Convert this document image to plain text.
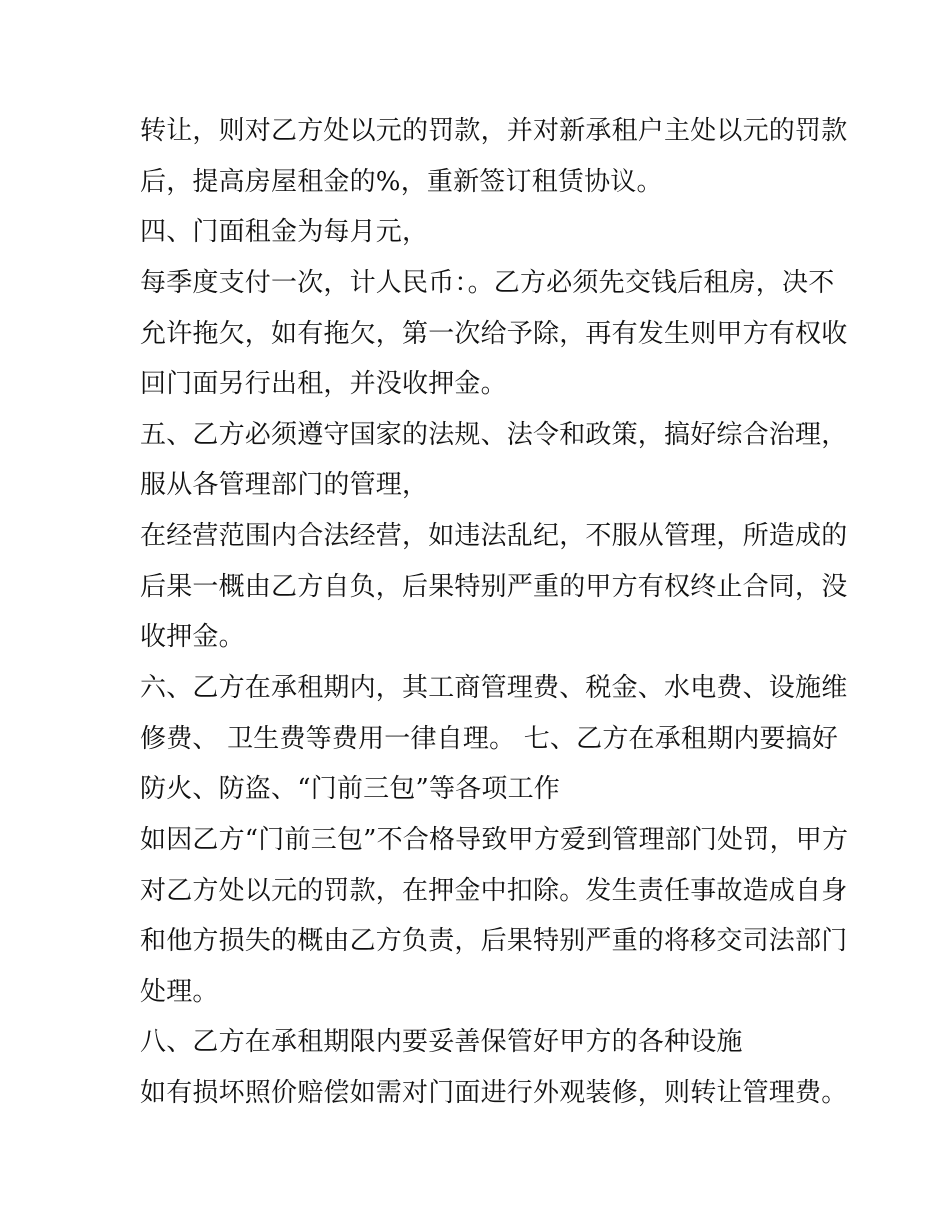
转让，则对乙方处以元的罚款，并对新承租户主处以元的罚款
后，提高房屋租金的%，重新签订租赁协议。
四、门面租金为每月元，
每季度支付一次，计人民币：。乙方必须先交钱后租房，决不
允许拖欠，如有拖欠，第一次给予除，再有发生则甲方有权收
回门面另行出租，并没收押金。
五、乙方必须遵守国家的法规、法令和政策，搞好综合治理，
服从各管理部门的管理，
在经营范围内合法经营，如违法乱纪，不服从管理，所造成的
后果一概由乙方自负，后果特别严重的甲方有权终止合同，没
收押金。
六、乙方在承租期内，其工商管理费、税金、水电费、设施维
修费、 卫生费等费用一律自理。 七、乙方在承租期内要搞好
防火、防盗、“门前三包”等各项工作
如因乙方“门前三包”不合格导致甲方爱到管理部门处罚，甲方
对乙方处以元的罚款，在押金中扣除。发生责任事故造成自身
和他方损失的概由乙方负责，后果特别严重的将移交司法部门
处理。
八、乙方在承租期限内要妥善保管好甲方的各种设施
如有损坏照价赔偿如需对门面进行外观装修，则转让管理费。
